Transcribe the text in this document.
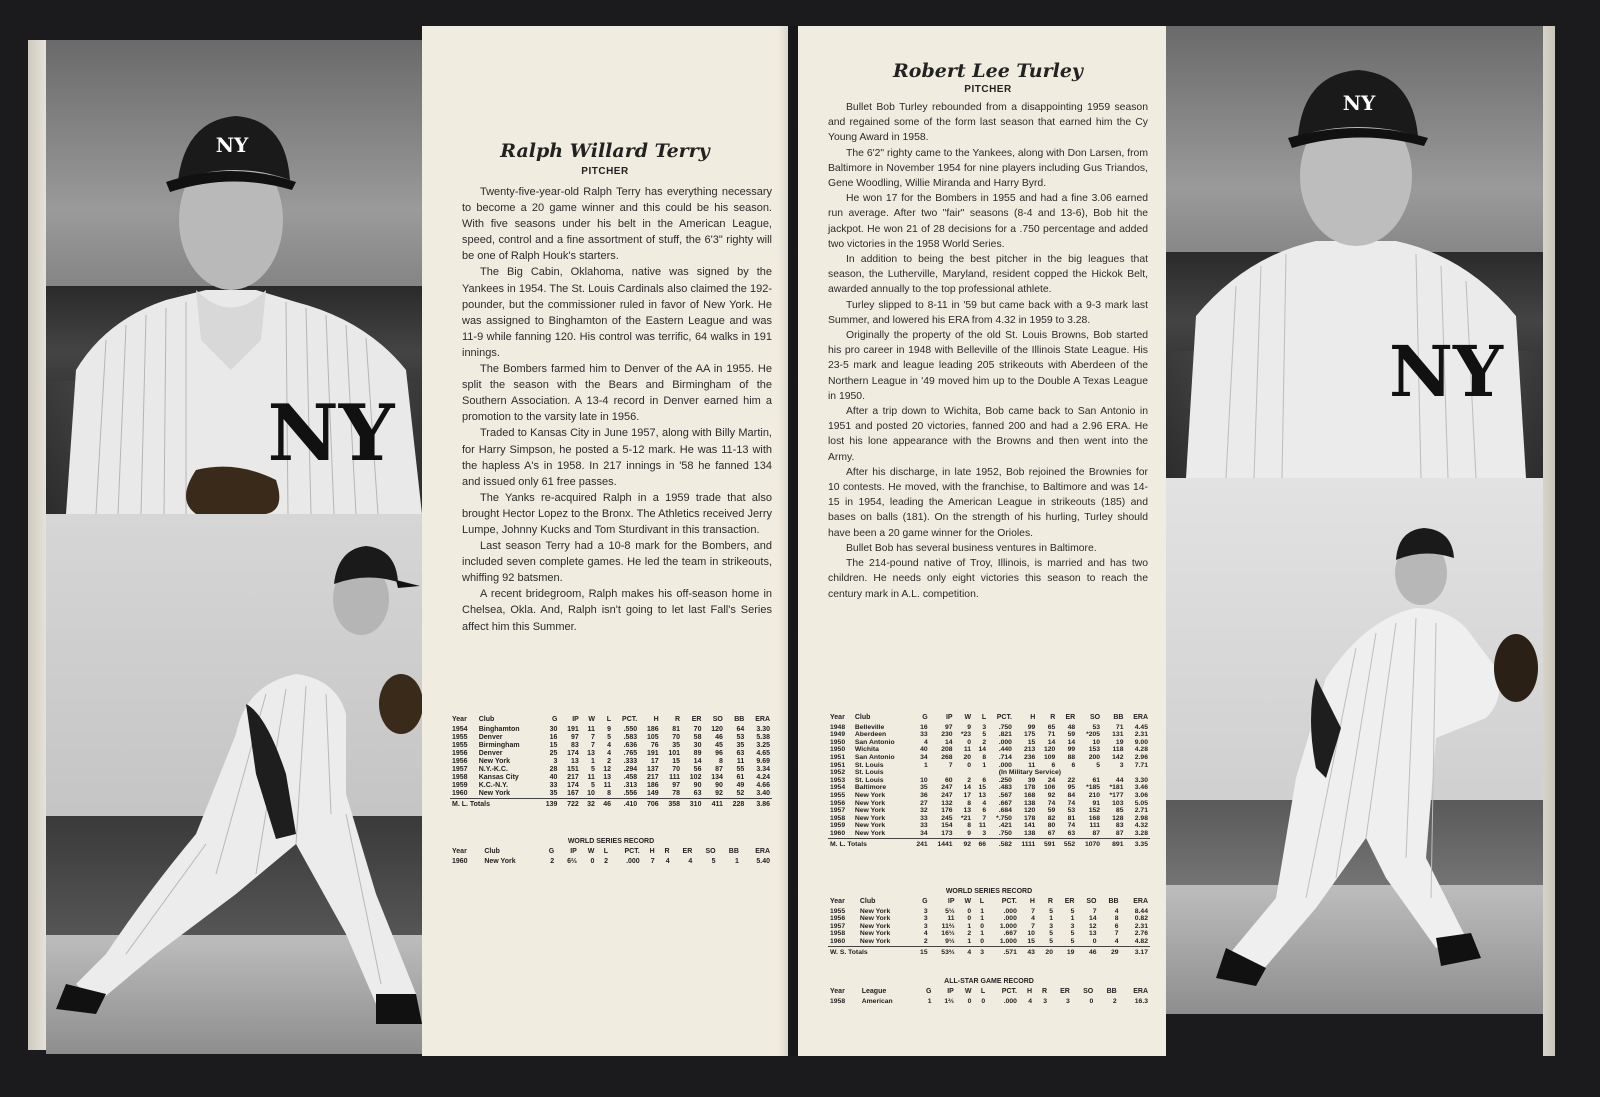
NY
NY
Ralph Willard Terry
PITCHER

Twenty-five-year-old Ralph Terry has everything necessary to become a 20 game winner and this could be his season. With five seasons under his belt in the American League, speed, control and a fine assortment of stuff, the 6'3" righty will be one of Ralph Houk's starters.

The Big Cabin, Oklahoma, native was signed by the Yankees in 1954. The St. Louis Cardinals also claimed the 192-pounder, but the commissioner ruled in favor of New York. He was assigned to Binghamton of the Eastern League and was 11-9 while fanning 120. His control was terrific, 64 walks in 191 innings.

The Bombers farmed him to Denver of the AA in 1955. He split the season with the Bears and Birmingham of the Southern Association. A 13-4 record in Denver earned him a promotion to the varsity late in 1956.

Traded to Kansas City in June 1957, along with Billy Martin, for Harry Simpson, he posted a 5-12 mark. He was 11-13 with the hapless A's in 1958. In 217 innings in '58 he fanned 134 and issued only 61 free passes.

The Yanks re-acquired Ralph in a 1959 trade that also brought Hector Lopez to the Bronx. The Athletics received Jerry Lumpe, Johnny Kucks and Tom Sturdivant in this transaction.

Last season Terry had a 10-8 mark for the Bombers, and included seven complete games. He led the team in strikeouts, whiffing 92 batsmen.

A recent bridegroom, Ralph makes his off-season home in Chelsea, Okla. And, Ralph isn't going to let last Fall's Series affect him this Summer.

Year	Club	G	IP	W	L	PCT.	H	R	ER	SO	BB	ERA
1954	Binghamton	30	191	11	9	.550	186	81	70	120	64	3.30
1955	Denver	16	97	7	5	.583	105	70	58	46	53	5.38
1955	Birmingham	15	83	7	4	.636	76	35	30	45	35	3.25
1956	Denver	25	174	13	4	.765	191	101	89	96	63	4.65
1956	New York	3	13	1	2	.333	17	15	14	8	11	9.69
1957	N.Y.-K.C.	28	151	5	12	.294	137	70	56	87	55	3.34
1958	Kansas City	40	217	11	13	.458	217	111	102	134	61	4.24
1959	K.C.-N.Y.	33	174	5	11	.313	186	97	90	90	49	4.66
1960	New York	35	167	10	8	.556	149	78	63	92	52	3.40
M. L. Totals		139	722	32	46	.410	706	358	310	411	228	3.86
WORLD SERIES RECORD
Year	Club	G	IP	W	L	PCT.	H	R	ER	SO	BB	ERA
1960	New York	2	6⅔	0	2	.000	7	4	4	5	1	5.40
Robert Lee Turley
PITCHER

Bullet Bob Turley rebounded from a disappointing 1959 season and regained some of the form last season that earned him the Cy Young Award in 1958.

The 6'2" righty came to the Yankees, along with Don Larsen, from Baltimore in November 1954 for nine players including Gus Triandos, Gene Woodling, Willie Miranda and Harry Byrd.

He won 17 for the Bombers in 1955 and had a fine 3.06 earned run average. After two "fair" seasons (8-4 and 13-6), Bob hit the jackpot. He won 21 of 28 decisions for a .750 percentage and added two victories in the 1958 World Series.

In addition to being the best pitcher in the big leagues that season, the Lutherville, Maryland, resident copped the Hickok Belt, awarded annually to the top professional athlete.

Turley slipped to 8-11 in '59 but came back with a 9-3 mark last Summer, and lowered his ERA from 4.32 in 1959 to 3.28.

Originally the property of the old St. Louis Browns, Bob started his pro career in 1948 with Belleville of the Illinois State League. His 23-5 mark and league leading 205 strikeouts with Aberdeen of the Northern League in '49 moved him up to the Double A Texas League in 1950.

After a trip down to Wichita, Bob came back to San Antonio in 1951 and posted 20 victories, fanned 200 and had a 2.96 ERA. He lost his lone appearance with the Browns and then went into the Army.

After his discharge, in late 1952, Bob rejoined the Brownies for 10 contests. He moved, with the franchise, to Baltimore and was 14-15 in 1954, leading the American League in strikeouts (185) and bases on balls (181). On the strength of his hurling, Turley should have been a 20 game winner for the Orioles.

Bullet Bob has several business ventures in Baltimore.

The 214-pound native of Troy, Illinois, is married and has two children. He needs only eight victories this season to reach the century mark in A.L. competition.

Year	Club	G	IP	W	L	PCT.	H	R	ER	SO	BB	ERA
1948	Belleville	16	97	9	3	.750	99	65	48	53	71	4.45
1949	Aberdeen	33	230	*23	5	.821	175	71	59	*205	131	2.31
1950	San Antonio	4	14	0	2	.000	15	14	14	10	19	9.00
1950	Wichita	40	208	11	14	.440	213	120	99	153	118	4.28
1951	San Antonio	34	268	20	8	.714	236	109	88	200	142	2.96
1951	St. Louis	1	7	0	1	.000	11	6	6	5	3	7.71
1952	St. Louis	(In Military Service)										
1953	St. Louis	10	60	2	6	.250	39	24	22	61	44	3.30
1954	Baltimore	35	247	14	15	.483	178	106	95	*185	*181	3.46
1955	New York	36	247	17	13	.567	168	92	84	210	*177	3.06
1956	New York	27	132	8	4	.667	138	74	74	91	103	5.05
1957	New York	32	176	13	6	.684	120	59	53	152	85	2.71
1958	New York	33	245	*21	7	*.750	178	82	81	168	128	2.98
1959	New York	33	154	8	11	.421	141	80	74	111	83	4.32
1960	New York	34	173	9	3	.750	138	67	63	87	87	3.28
M. L. Totals		241	1441	92	66	.582	1111	591	552	1070	891	3.35
WORLD SERIES RECORD
Year	Club	G	IP	W	L	PCT.	H	R	ER	SO	BB	ERA
1955	New York	3	5⅓	0	1	.000	7	5	5	7	4	8.44
1956	New York	3	11	0	1	.000	4	1	1	14	8	0.82
1957	New York	3	11⅔	1	0	1.000	7	3	3	12	6	2.31
1958	New York	4	16⅓	2	1	.667	10	5	5	13	7	2.76
1960	New York	2	9⅓	1	0	1.000	15	5	5	0	4	4.82
W. S. Totals		15	53⅔	4	3	.571	43	20	19	46	29	3.17
ALL-STAR GAME RECORD
Year	League	G	IP	W	L	PCT.	H	R	ER	SO	BB	ERA
1958	American	1	1⅔	0	0	.000	4	3	3	0	2	16.3
NY
NY
